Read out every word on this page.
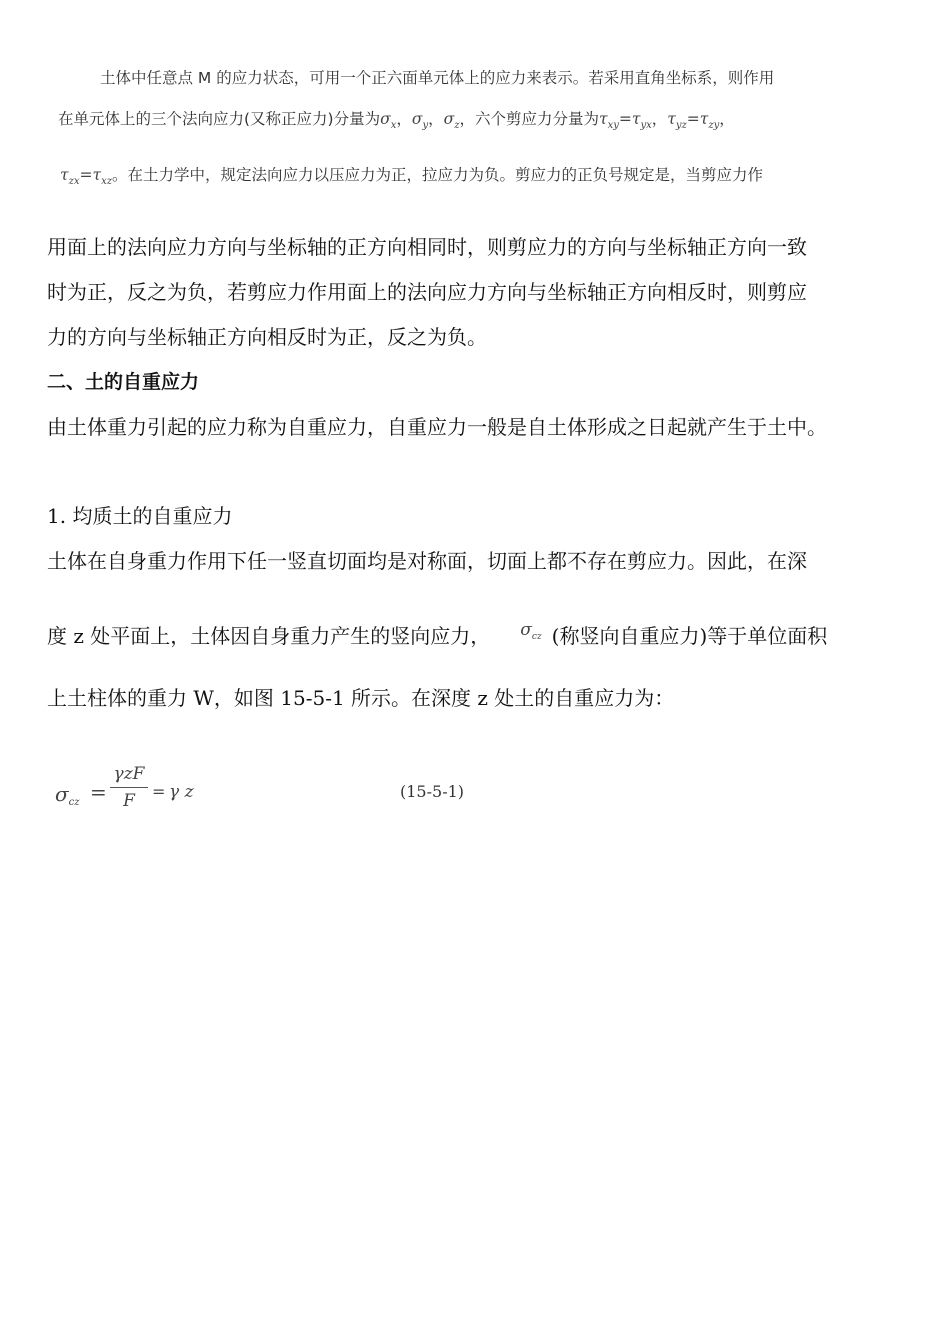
土体中任意点 M 的应力状态，可用一个正六面单元体上的应力来表示。若采用直角坐标系，则作用
在单元体上的三个法向应力(又称正应力)分量为$\sigma_x$，$\sigma_y$，$\sigma_z$，六个剪应力分量为$\tau_{xy}=\tau_{yx}$，$\tau_{yz}=\tau_{zy}$，
$\tau_{zx}=\tau_{xz}$。在土力学中，规定法向应力以压应力为正，拉应力为负。剪应力的正负号规定是，当剪应力作
用面上的法向应力方向与坐标轴的正方向相同时，则剪应力的方向与坐标轴正方向一致
时为正，反之为负，若剪应力作用面上的法向应力方向与坐标轴正方向相反时，则剪应
力的方向与坐标轴正方向相反时为正，反之为负。
二、土的自重应力
由土体重力引起的应力称为自重应力，自重应力一般是自土体形成之日起就产生于土中。
1. 均质土的自重应力
土体在自身重力作用下任一竖直切面均是对称面，切面上都不存在剪应力。因此，在深
度 z 处平面上，土体因自身重力产生的竖向应力， $^{\sigma_{cz}}$ (称竖向自重应力)等于单位面积
上土柱体的重力 W，如图 15-5-1 所示。在深度 z 处土的自重应力为：
$\sigma_{cz}$ =
γzF
F	= γ z	(15-5-1)
